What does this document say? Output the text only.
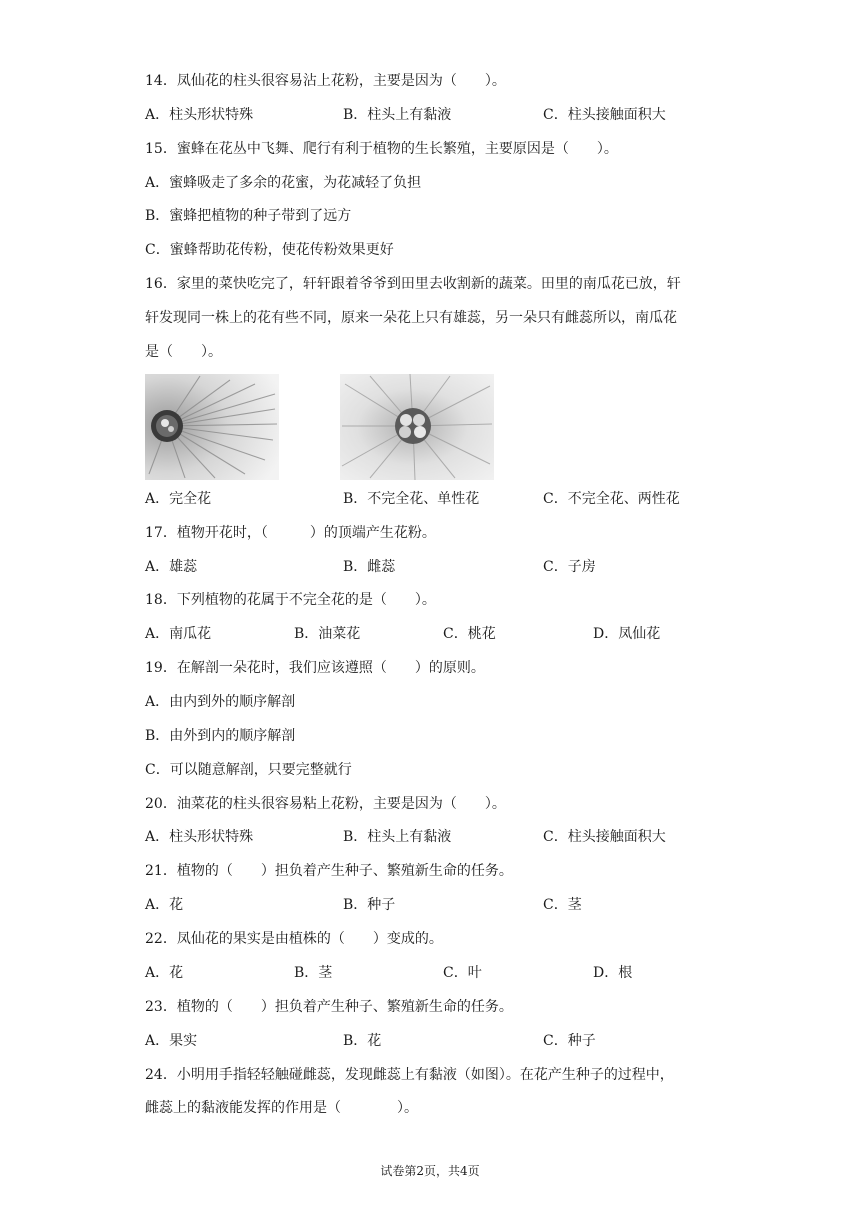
14．凤仙花的柱头很容易沾上花粉，主要是因为（　　）。
A．柱头形状特殊	B．柱头上有黏液	C．柱头接触面积大
15．蜜蜂在花丛中飞舞、爬行有利于植物的生长繁殖，主要原因是（　　）。
A．蜜蜂吸走了多余的花蜜，为花减轻了负担
B．蜜蜂把植物的种子带到了远方
C．蜜蜂帮助花传粉，使花传粉效果更好
16．家里的菜快吃完了，轩轩跟着爷爷到田里去收割新的蔬菜。田里的南瓜花已放，轩
轩发现同一株上的花有些不同，原来一朵花上只有雄蕊，另一朵只有雌蕊所以，南瓜花
是（　　）。
A．完全花	B．不完全花、单性花	C．不完全花、两性花
17．植物开花时，（　　　）的顶端产生花粉。
A．雄蕊	B．雌蕊	C．子房
18．下列植物的花属于不完全花的是（　　）。
A．南瓜花	B．油菜花	C．桃花	D．凤仙花
19．在解剖一朵花时，我们应该遵照（　　）的原则。
A．由内到外的顺序解剖
B．由外到内的顺序解剖
C．可以随意解剖，只要完整就行
20．油菜花的柱头很容易粘上花粉，主要是因为（　　）。
A．柱头形状特殊	B．柱头上有黏液	C．柱头接触面积大
21．植物的（　　）担负着产生种子、繁殖新生命的任务。
A．花	B．种子	C．茎
22．凤仙花的果实是由植株的（　　）变成的。
A．花	B．茎	C．叶	D．根
23．植物的（　　）担负着产生种子、繁殖新生命的任务。
A．果实	B．花	C．种子
24．小明用手指轻轻触碰雌蕊，发现雌蕊上有黏液（如图）。在花产生种子的过程中，
雌蕊上的黏液能发挥的作用是（　　　　）。
试卷第2页，共4页
